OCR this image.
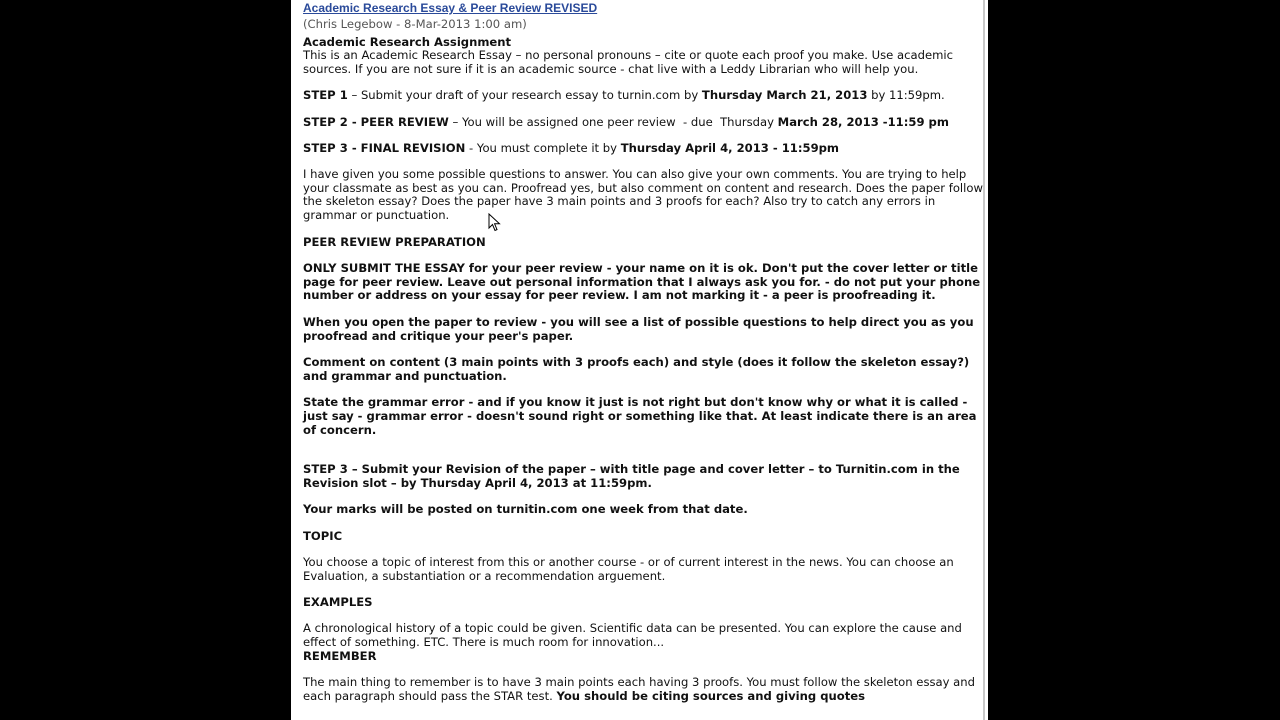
Academic Research Essay & Peer Review REVISED
(Chris Legebow - 8-Mar-2013 1:00 am)

Academic Research Assignment

This is an Academic Research Essay – no personal pronouns – cite or quote each proof you make. Use academic sources. If you are not sure if it is an academic source - chat live with a Leddy Librarian who will help you.

STEP 1 – Submit your draft of your research essay to turnin.com by Thursday March 21, 2013 by 11:59pm.

STEP 2 - PEER REVIEW – You will be assigned one peer review  - due  Thursday March 28, 2013 -11:59 pm

STEP 3 - FINAL REVISION - You must complete it by Thursday April 4, 2013 - 11:59pm

I have given you some possible questions to answer. You can also give your own comments. You are trying to help your classmate as best as you can. Proofread yes, but also comment on content and research. Does the paper follow the skeleton essay? Does the paper have 3 main points and 3 proofs for each? Also try to catch any errors in grammar or punctuation.

PEER REVIEW PREPARATION

ONLY SUBMIT THE ESSAY for your peer review - your name on it is ok. Don't put the cover letter or title page for peer review. Leave out personal information that I always ask you for. - do not put your phone number or address on your essay for peer review. I am not marking it - a peer is proofreading it.

When you open the paper to review - you will see a list of possible questions to help direct you as you proofread and critique your peer's paper.

Comment on content (3 main points with 3 proofs each) and style (does it follow the skeleton essay?) and grammar and punctuation.

State the grammar error - and if you know it just is not right but don't know why or what it is called - just say - grammar error - doesn't sound right or something like that. At least indicate there is an area of concern.

STEP 3 – Submit your Revision of the paper – with title page and cover letter – to Turnitin.com in the Revision slot – by Thursday April 4, 2013 at 11:59pm.

Your marks will be posted on turnitin.com one week from that date.

TOPIC

You choose a topic of interest from this or another course - or of current interest in the news. You can choose an Evaluation, a substantiation or a recommendation arguement.

EXAMPLES

A chronological history of a topic could be given. Scientific data can be presented. You can explore the cause and effect of something. ETC. There is much room for innovation...

REMEMBER

The main thing to remember is to have 3 main points each having 3 proofs. You must follow the skeleton essay and each paragraph should pass the STAR test. You should be citing sources and giving quotes
